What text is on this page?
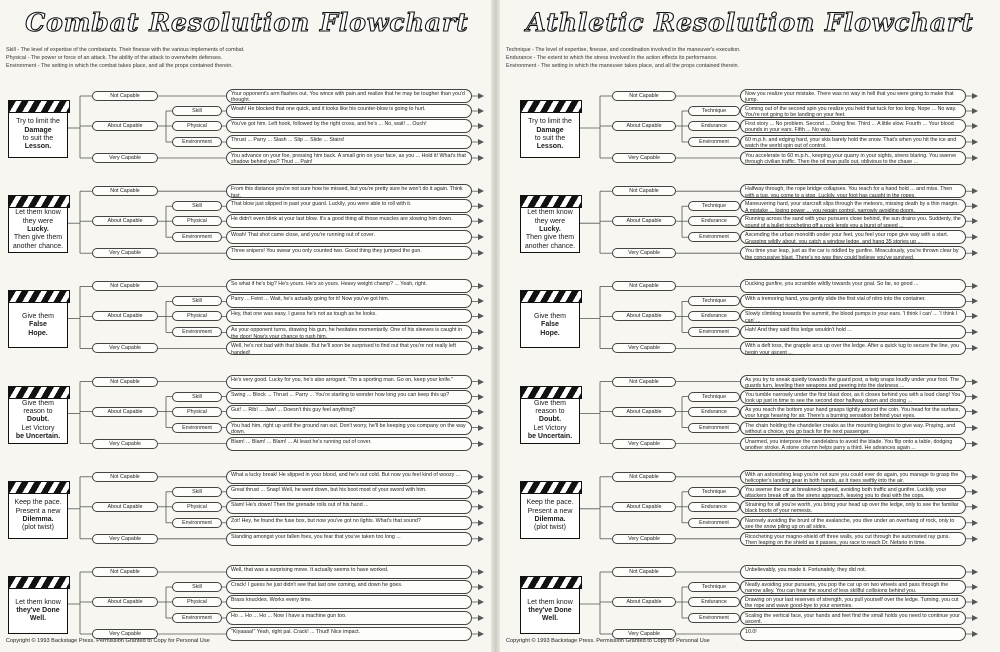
Combat Resolution Flowchart
Skill - The level of expertise of the combatants. Their finesse with the various implements of combat.
Physical - The power or force of an attack. The ability of the attack to overwhelm defenses.
Environment - The setting in which the combat takes place, and all the props contained therein.
Try to limit the
Damage
to suit the
Lesson.

Not Capable
About Capable
Very Capable
Skill
Physical
Environment
Your opponent's arm flashes out. You wince with pain and realize that he may be tougher than you'd thought.
Woah! He blocked that one quick, and it looks like his counter-blow is going to hurt.
You've got him. Left hook, followed by the right cross, and he's ... No, wait! ... Ouch!
Thrust ... Parry ... Slash ... Slip ... Slide ... Stairs!
You advance on your foe, pressing him back. A small grin on your face, as you ... Hold it! What's that shadow behind you? Thud ... Pain!
Let them know
they were
Lucky.
Then give them
another chance.

Not Capable
About Capable
Very Capable
Skill
Physical
Environment
From this distance you're not sure how he missed, but you're pretty sure he won't do it again. Think fast.
That blow just slipped in past your guard. Luckily, you were able to roll with it.
He didn't even blink at your last blow. It's a good thing all those muscles are slowing him down.
Woah! That shot came close, and you're running out of cover.
Three snipers! You swear you only counted two. Good thing they jumped the gun.
Give them
False
Hope.

Not Capable
About Capable
Very Capable
Skill
Physical
Environment
So what if he's big? He's yours. He's so yours. Heavy weight champ? ... Yeah, right.
Parry ... Feint ... Wait, he's actually going for it! Now you've got him.
Hey, that one was easy. I guess he's not as tough as he looks.
As your opponent turns, drawing his gun, he hesitates momentarily. One of his sleeves is caught in the door! Now's your chance to rush him.
Well, he's not bad with that blade. But he'll soon be surprised to find out that you're not really left handed!
Give them
reason to
Doubt.
Let Victory
be Uncertain.

Not Capable
About Capable
Very Capable
Skill
Physical
Environment
He's very good. Lucky for you, he's also arrogant. "I'm a sporting man. Go on, keep your knife."
Swing ... Block ... Thrust ... Parry ... You're starting to wonder how long you can keep this up?
Gut! ... Rib! ... Jaw! ... Doesn't this guy feel anything?
You had him, right up until the ground ran out. Don't worry, he'll be keeping you company on the way down.
Blam! ... Blam! ... Blam! ... At least he's running out of cover.
Keep the pace.
Present a new
Dilemma.
(plot twist)

Not Capable
About Capable
Very Capable
Skill
Physical
Environment
What a lucky break! He slipped in your blood, and he's out cold. But now you feel kind of woozy ...
Great thrust ... Snap! Well, he went down, but his boot most of your sword with him.
Slam! He's down! Then the grenade rolls out of his hand ...
Zot! Hey, he found the fuse box, but now you've got no lights. What's that sound?
Standing amongst your fallen foes, you fear that you've taken too long ...
Let them know
they've Done
Well.

Not Capable
About Capable
Very Capable
Skill
Physical
Environment
Well, that was a surprising move. It actually seems to have worked.
Crack! I guess he just didn't see that last one coming, and down he goes.
Brass knuckles. Works every time.
Ho ... Ho ... Ho ... Now I have a machine gun too.
"Kiyaaaa!" Yeah, right pal. Crack! ... Thud! Nice impact.
Copyright © 1993 Backstage Press. Permission Granted to Copy for Personal Use
Athletic Resolution Flowchart
Technique - The level of expertise, finesse, and coordination involved in the maneuver's execution.
Endurance - The extent to which the stress involved in the action effects its performance.
Environment - The setting in which the maneuver takes place, and all the props contained therein.
Try to limit the
Damage
to suit the
Lesson.

Not Capable
About Capable
Very Capable
Technique
Endurance
Environment
Now you realize your mistake. There was no way in hell that you were going to make that jump.
Coming out of the second spin you realize you held that tuck for too long. Nope ... No way. You're not going to be landing on your feet.
First story ... No problem. Second ... Doing fine. Third ... A little slow. Fourth ... Your blood pounds in your ears. Fifth ... No way.
60 m.p.h. and edging hard, your skis barely hold the snow. That's when you hit the ice and watch the world spin out of control.
You accelerate to 60 m.p.h., keeping your quarry in your sights, sirens blaring. You swerve through civilian traffic. Then the oil man pulls out, oblivious to the chase ...
Let them know
they were
Lucky.
Then give them
another chance.

Not Capable
About Capable
Very Capable
Technique
Endurance
Environment
Halfway through, the rope bridge collapses. You reach for a hand hold ... and miss. Then with a tug, you come to a stop. Luckily, your foot has caught in the ropes.
Maneuvering hard, your starcraft slips through the meteors, missing death by a thin margin. A mistake ... losing power ... you regain control, narrowly avoiding doom.
Running across the sand with your pursuers close behind, the sun drains you. Suddenly, the sound of a bullet ricocheting off a rock lends you a burst of speed ...
Ascending the urban monolith under your feet, you feel your rope give way with a start. Grasping wildly about, you catch a window ledge, and hang 35 stories up ...
You time your leap, just as the car is riddled by gunfire. Miraculously, you're thrown clear by the concussive blast. There's no way they could believe you've survived.
Give them
False
Hope.

Not Capable
About Capable
Very Capable
Technique
Endurance
Environment
Ducking gunfire, you scramble wildly towards your goal. So far, so good ...
With a tremoring hand, you gently slide the first vial of nitro into the container.
Slowly climbing towards the summit, the blood pumps in your ears. 'I think I can' ... 'I think I can' ...
Hah! And they said this ledge wouldn't hold ...
With a deft toss, the grapple arcs up over the ledge. After a quick tug to secure the line, you begin your ascent ...
Give them
reason to
Doubt.
Let Victory
be Uncertain.

Not Capable
About Capable
Very Capable
Technique
Endurance
Environment
As you try to sneak quietly towards the guard post, a twig snaps loudly under your foot. The guards turn, leveling their weapons and peering into the darkness ...
You tumble narrowly under the first blast door, as it closes behind you with a loud clang! You look up just in time to see the second door halfway down and closing ...
As you reach the bottom your hand grasps tightly around the coin. You head for the surface, your lungs heaving for air. There's a burning sensation behind your eyes.
The chain holding the chandelier creaks as the mounting begins to give way. Praying, and without a choice, you go back for the next passenger.
Unarmed, you interpose the candelabra to avoid the blade. You flip onto a table, dodging another stroke. A stone column helps parry a third. He advances again ...
Keep the pace.
Present a new
Dilemma.
(plot twist)

Not Capable
About Capable
Very Capable
Technique
Endurance
Environment
With an astonishing leap you're not sure you could ever do again, you manage to grasp the helicopter's landing gear in both hands, as it rises swiftly into the air.
You swerve the car at breakneck speed, avoiding both traffic and gunfire. Luckily, your attackers break off as the sirens approach, leaving you to deal with the cops.
Straining for all you're worth, you bring your head up over the ledge, only to see the familiar black boots of your nemesis.
Narrowly avoiding the brunt of the avalanche, you dive under an overhang of rock, only to see the snow piling up on all sides.
Ricocheting your magno-shield off three walls, you cut through the automated ray guns. Then leaping on the shield as it passes, you race to reach Dr. Nefario in time.
Let them know
they've Done
Well.

Not Capable
About Capable
Very Capable
Technique
Endurance
Environment
Unbelievably, you made it. Fortunately, they did not.
Neatly avoiding your pursuers, you pop the car up on two wheels and pass through the narrow alley. You can hear the sound of less skillful collisions behind you.
Drawing on your last reserves of strength, you pull yourself over the ledge. Turning, you cut the rope and wave good-bye to your enemies.
Scaling the vertical face, your hands and feet find the small holds you need to continue your ascent.
10.0!
Copyright © 1993 Backstage Press. Permission Granted to Copy for Personal Use
